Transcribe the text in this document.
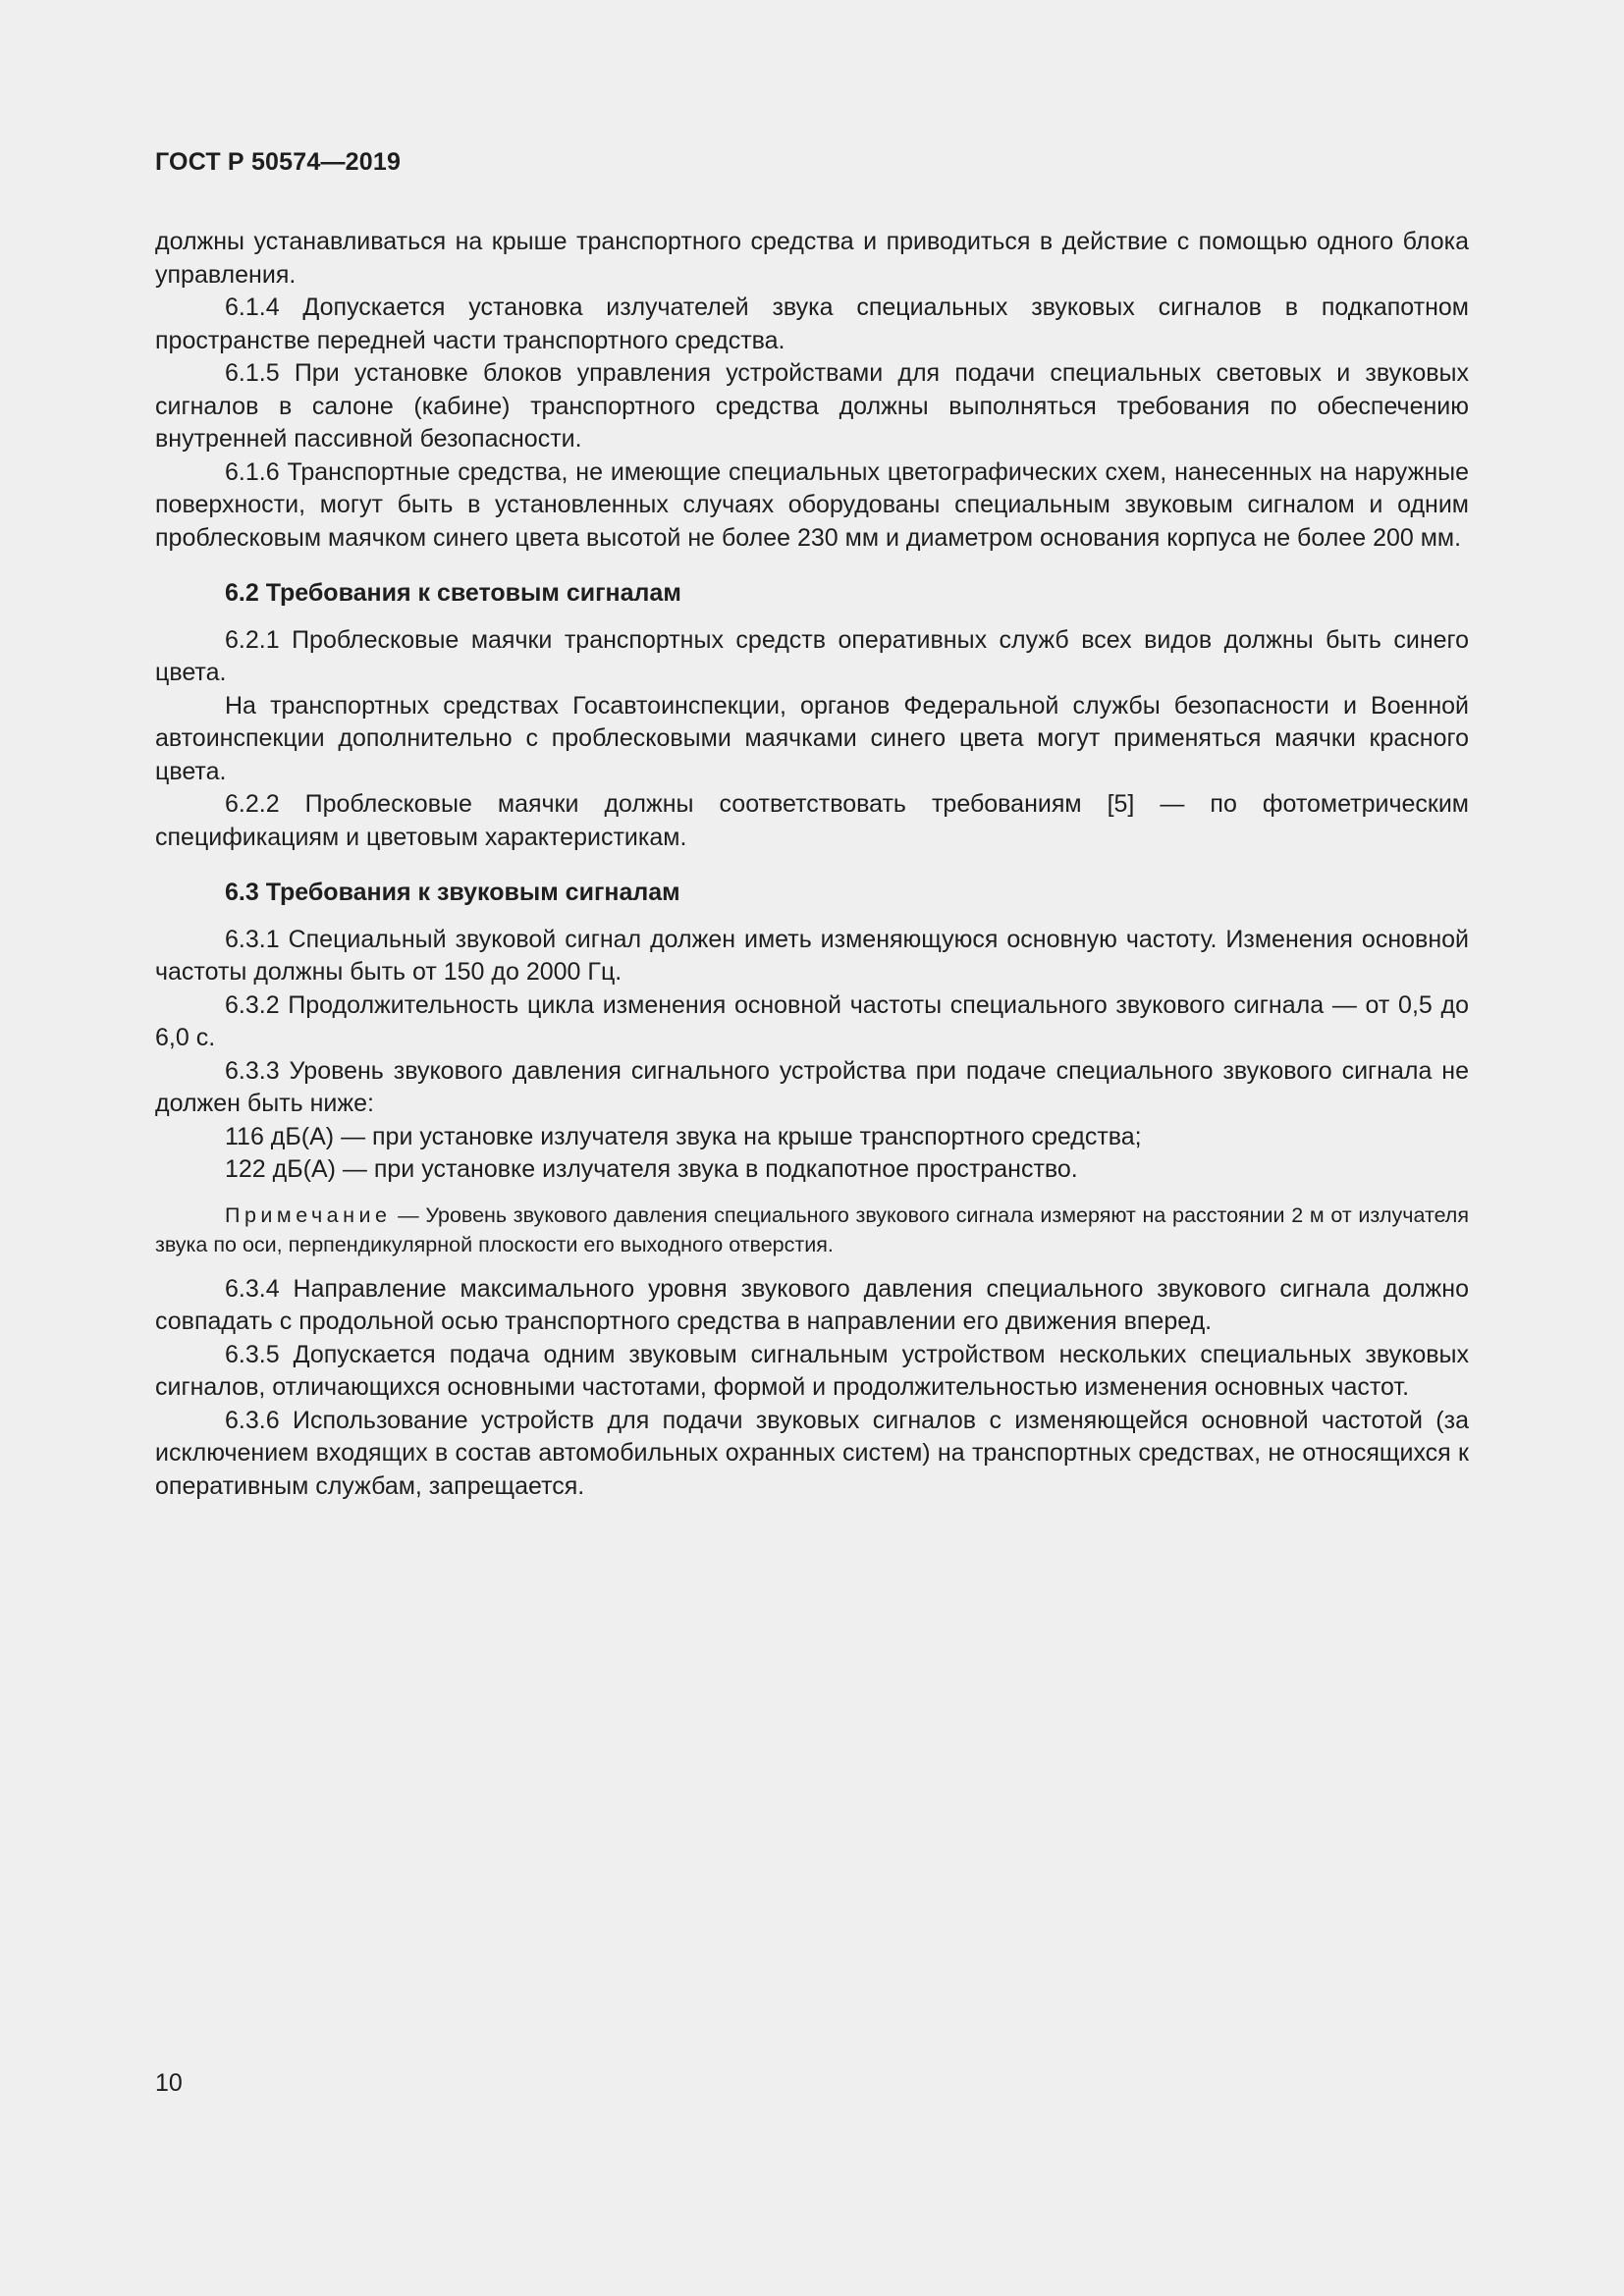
ГОСТ Р 50574—2019

должны устанавливаться на крыше транспортного средства и приводиться в действие с помощью одного блока управления.

6.1.4 Допускается установка излучателей звука специальных звуковых сигналов в подкапотном пространстве передней части транспортного средства.

6.1.5 При установке блоков управления устройствами для подачи специальных световых и звуковых сигналов в салоне (кабине) транспортного средства должны выполняться требования по обеспечению внутренней пассивной безопасности.

6.1.6 Транспортные средства, не имеющие специальных цветографических схем, нанесенных на наружные поверхности, могут быть в установленных случаях оборудованы специальным звуковым сигналом и одним проблесковым маячком синего цвета высотой не более 230 мм и диаметром основания корпуса не более 200 мм.

6.2 Требования к световым сигналам

6.2.1 Проблесковые маячки транспортных средств оперативных служб всех видов должны быть синего цвета.

На транспортных средствах Госавтоинспекции, органов Федеральной службы безопасности и Военной автоинспекции дополнительно с проблесковыми маячками синего цвета могут применяться маячки красного цвета.

6.2.2 Проблесковые маячки должны соответствовать требованиям [5] — по фотометрическим спецификациям и цветовым характеристикам.

6.3 Требования к звуковым сигналам

6.3.1 Специальный звуковой сигнал должен иметь изменяющуюся основную частоту. Изменения основной частоты должны быть от 150 до 2000 Гц.

6.3.2 Продолжительность цикла изменения основной частоты специального звукового сигнала — от 0,5 до 6,0 с.

6.3.3 Уровень звукового давления сигнального устройства при подаче специального звукового сигнала не должен быть ниже:

116 дБ(А) — при установке излучателя звука на крыше транспортного средства;

122 дБ(А) — при установке излучателя звука в подкапотное пространство.

Примечание — Уровень звукового давления специального звукового сигнала измеряют на расстоянии 2 м от излучателя звука по оси, перпендикулярной плоскости его выходного отверстия.

6.3.4 Направление максимального уровня звукового давления специального звукового сигнала должно совпадать с продольной осью транспортного средства в направлении его движения вперед.

6.3.5 Допускается подача одним звуковым сигнальным устройством нескольких специальных звуковых сигналов, отличающихся основными частотами, формой и продолжительностью изменения основных частот.

6.3.6 Использование устройств для подачи звуковых сигналов с изменяющейся основной частотой (за исключением входящих в состав автомобильных охранных систем) на транспортных средствах, не относящихся к оперативным службам, запрещается.

10
